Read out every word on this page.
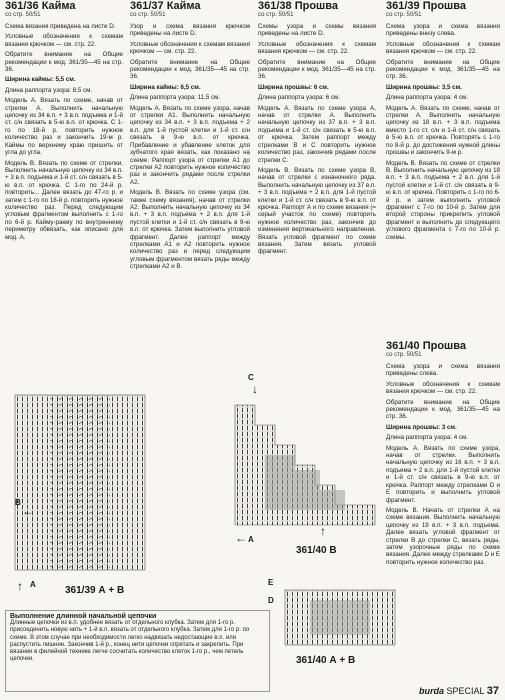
361/36 Кайма
со стр. 50/51
Схема вязания приведена на листе D.
Условные обозначения к схемам вязания крючком — см. стр. 22.
Обратите внимание на Общие рекомендации к мод. 361/35—45 на стр. 36.
Ширина каймы: 5,5 см.
Длина раппорта узора: 8,5 см.
Модель А. Вязать по схеме, начав от стрелки А. Выполнить начальную цепочку из 34 в.п. + 3 в.п. подъема и 1-й ст. с/н связать в 5-ю в.п. от крючка. С 1-го по 18-й р. повторить нужное количество раз и закончить 19-м р. Каймы по верхнему краю пришить от угла до угла.
Модель В. Вязать по схеме от стрелки. Выполнить начальную цепочку из 34 в.п. + 3 в.п. подъема и 1-й ст. с/н связать в 5-ю в.п. от крючка. С 1-го по 24-й р. повторить... Далее вязать до 47-го р. и затем с 1-го по 18-й р. повторить нужное количество раз. Перед следующим угловым фрагментом выполнить с 1-го по 6-й р. Кайму-ракму по внутреннему периметру обвязать, как описано для мод. А.
361/37 Кайма
со стр. 50/51
Узор и схема вязания крючком приведены на листе D.
Условные обозначения к схемам вязания крючком — см. стр. 22.
Обратите внимание на Общие рекомендации к мод. 361/35—45 на стр. 36.
Ширина каймы: 6,5 см.
Длина раппорта узора: 11,5 см.
Модель А. Вязать по схеме узора, начав от стрелки А1. Выполнить начальную цепочку из 34 в.п. + 3 в.п. подъема + 2 в.п. для 1-й пустой клетки и 1-й ст. с/н связать в 9-ю в.п. от крючка. Прибавление и убавление клеток для зубчатого края вязать, как показано на схеме. Раппорт узора от стрелки А1 до стрелки А2 повторить нужное количество раз и закончить рядами после стрелки А2.
Модель В. Вязать по схеме узора (см. также схему вязания), начав от стрелки А2. Выполнить начальную цепочку из 34 в.п. + 3 в.п. подъема + 2 в.п. для 1-й пустой клетки и 1-й ст. с/н связать в 9-ю в.п. от крючка. Затем выполнить угловой фрагмент. Далее раппорт между стрелками А1 и А2 повторить нужное количество раз и перед следующим угловым фрагментом вязать ряды между стрелками А2 и В.
361/38 Прошва
со стр. 50/51
Схемы узора и схемы вязания приведены на листе D.
Условные обозначения к схемам вязания крючком — см. стр. 22.
Обратите внимание на Общие рекомендации к мод. 361/35—45 на стр. 36.
Ширина прошвы: 6 см.
Длина раппорта узора: 6 см.
Модель А. Вязать по схеме узора А, начав от стрелки А. Выполнить начальную цепочку из 37 в.п. + 3 в.п. подъема и 1-й ст. с/н связать в 5-ю в.п. от крючка. Затем раппорт между стрелками В и С повторить нужное количество раз, закончив рядами после стрелки С.
Модель В. Вязать по схеме узора В, начав от стрелки с изнаночного ряда. Выполнить начальную цепочку из 37 в.п. + 3 в.п. подъема + 2 в.п. для 1-й пустой клетки и 1-й ст. с/н связать в 9-ю в.п. от крючка. Раппорт А и по схеме вязания (= серый участок по схеме) повторить нужное количество раз, закончив до изменения вертикального направления. Вязать угловой фрагмент по схеме вязания. Затем вязать угловой фрагмент.
361/39 Прошва
со стр. 50/51
Схема узора и схема вязания приведены внизу слева.
Условные обозначения к схемам вязания крючком — см. стр. 22.
Обратите внимание на Общие рекомендации к мод. 361/35—45 на стр. 36.
Ширина прошвы: 3,5 см.
Длина раппорта узора: 4 см.
Модель А. Вязать по схеме, начав от стрелки А. Выполнить начальную цепочку из 18 в.п. + 3 в.п. подъема вместо 1-го ст. с/н и 1-й ст. с/н связать в 5-ю в.п. от крючка. Повторять с 1-го по 8-й р. до достижения нужной длины прошвы и закончить 9-м р.
Модель В. Вязать по схеме от стрелки В. Выполнить начальную цепочку из 18 в.п. + 3 в.п. подъема + 2 в.п. для 1-й пустой клетки и 1-й ст. с/н связать в 9-ю в.п. от крючка. Повторить с 1-го по 6-й р. и затем выполнить угловой фрагмент с 7-го по 10-й р. Затем для второй стороны прикрепить угловой фрагмент и выполнить до следующего углового фрагмента с 7-го по 10-й р. схемы.
361/40 Прошва
со стр. 50/51
Схема узора и схема вязания приведены слева.
Условные обозначения к схемам вязания крючком — см. стр. 22.
Обратите внимание на Общие рекомендации к мод. 361/35—45 на стр. 36.
Ширина прошвы: 3 см.
Длина раппорта узора: 4 см.
Модель А. Вязать по схеме узора, начав от стрелки. Выполнить начальную цепочку из 16 в.п. + 3 в.п. подъема + 2 в.п. для 1-й пустой клетки и 1-й ст. с/н связать в 9-ю в.п. от крючка. Раппорт между стрелками D и E повторить и выполнить угловой фрагмент.
Модель В. Начать от стрелки А на схеме вязания. Выполнить начальную цепочку из 19 в.п. + 3 в.п. подъема. Далее вязать угловой фрагмент от стрелки В до стрелки С, вязать ряды, затем узорочные ряды по схеме вязания. Далее между стрелками D и E повторить нужное количество раз.
←
В
↑ А
361/39 А + В
↓
С
← А
↑
361/40 В
Е
D
361/40 А + В
Выполнение длинной начальной цепочки
Длинные цепочки из в.п. удобнее вязать от отдельного клубка. Затем для 1-го р. присоединить новую нить + 1-й в.п. вязать от отдельного клубка. Затем для 1-го р. по схеме. В этом случае при необходимости легко надвязать недостающие в.п. или распустить лишние. Закончив 1-й р., конец нити цепочки спрятать и закрепить. При вязании в филейной технике легче сосчитать количество клеток 1-го р., чем петель цепочки.
burda SPECIAL 37
